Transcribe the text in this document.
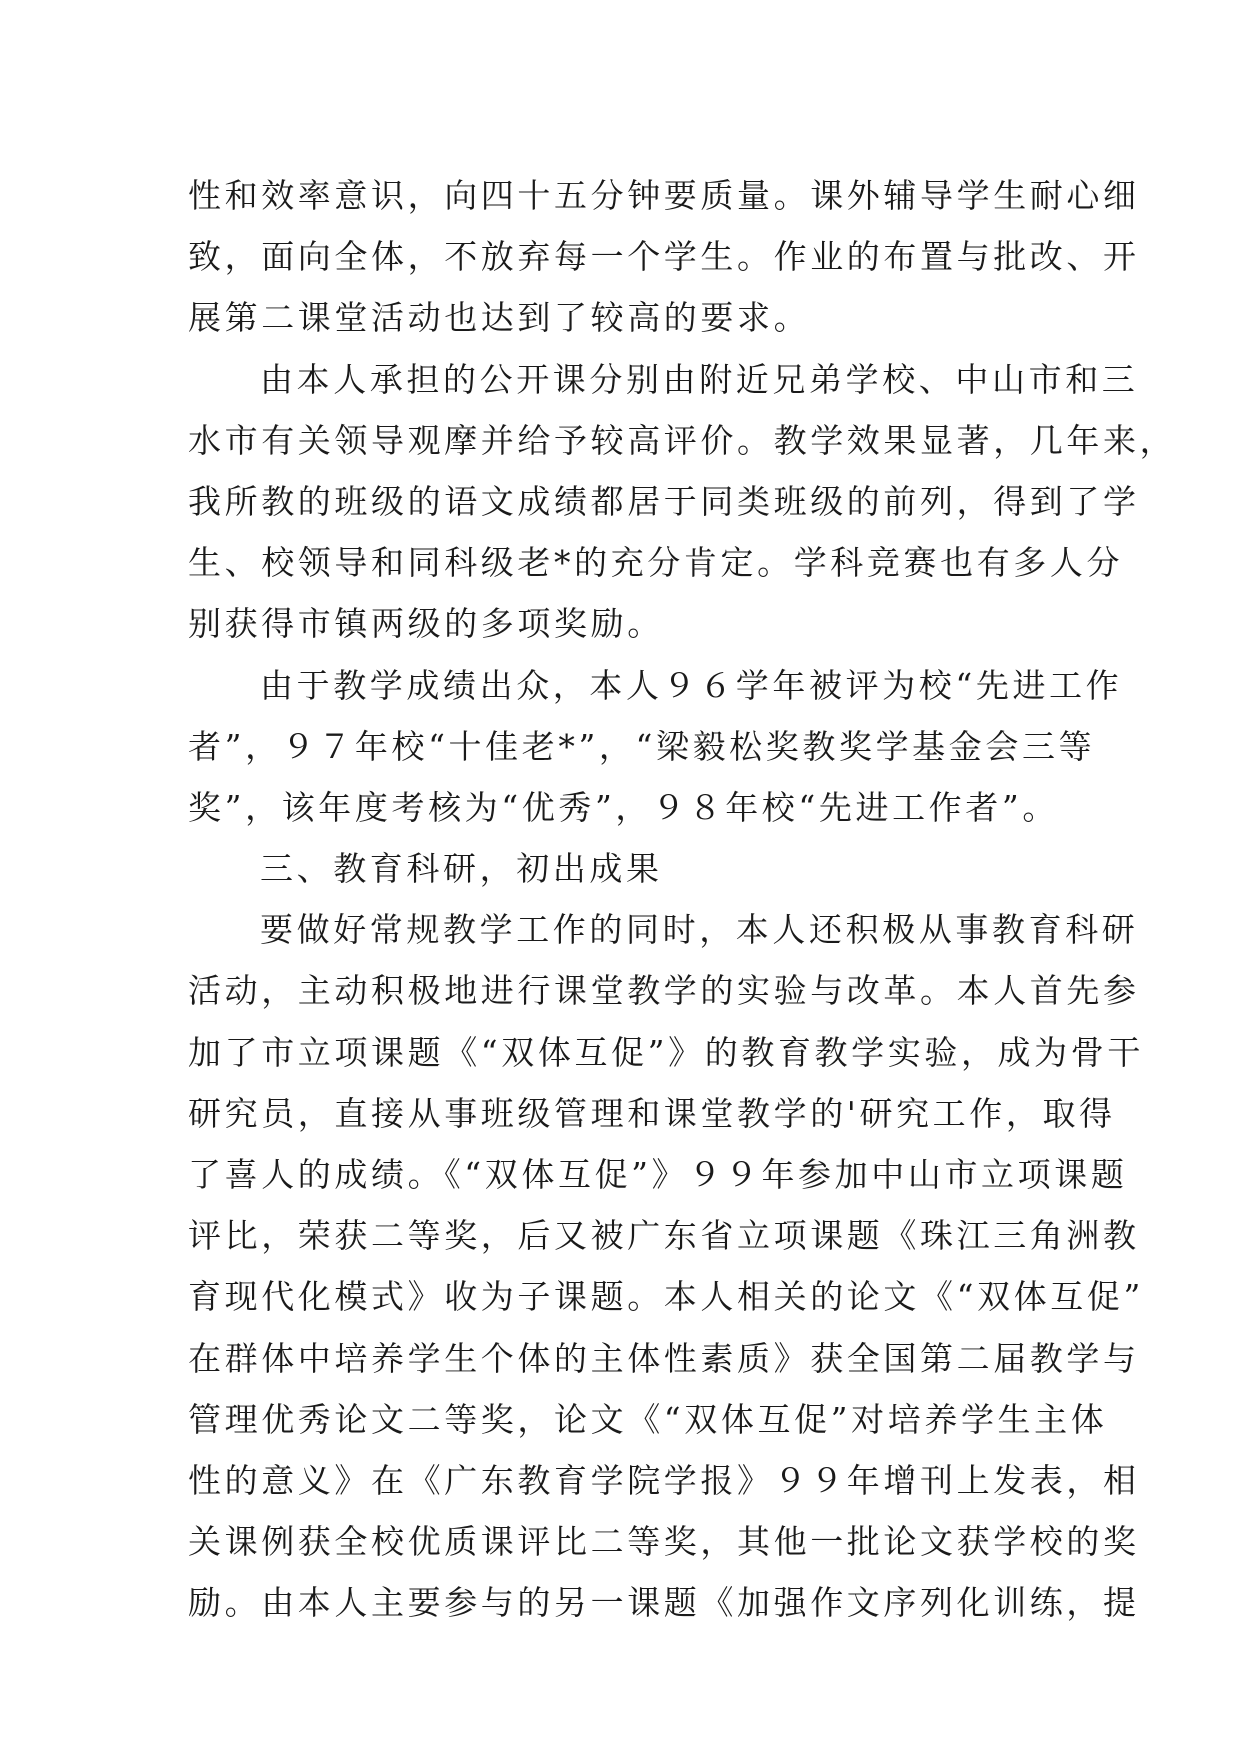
性和效率意识，向四十五分钟要质量。课外辅导学生耐心细
致，面向全体，不放弃每一个学生。作业的布置与批改、开
展第二课堂活动也达到了较高的要求。
由本人承担的公开课分别由附近兄弟学校、中山市和三
水市有关领导观摩并给予较高评价。教学效果显著，几年来，
我所教的班级的语文成绩都居于同类班级的前列，得到了学
生、校领导和同科级老*的充分肯定。学科竞赛也有多人分
别获得市镇两级的多项奖励。
由于教学成绩出众，本人９６学年被评为校“先进工作
者”，９７年校“十佳老*”，“梁毅松奖教奖学基金会三等
奖”，该年度考核为“优秀”，９８年校“先进工作者”。
三、教育科研，初出成果
要做好常规教学工作的同时，本人还积极从事教育科研
活动，主动积极地进行课堂教学的实验与改革。本人首先参
加了市立项课题《“双体互促”》的教育教学实验，成为骨干
研究员，直接从事班级管理和课堂教学的'研究工作，取得
了喜人的成绩。《“双体互促”》９９年参加中山市立项课题
评比，荣获二等奖，后又被广东省立项课题《珠江三角洲教
育现代化模式》收为子课题。本人相关的论文《“双体互促”
在群体中培养学生个体的主体性素质》获全国第二届教学与
管理优秀论文二等奖，论文《“双体互促”对培养学生主体
性的意义》在《广东教育学院学报》９９年增刊上发表，相
关课例获全校优质课评比二等奖，其他一批论文获学校的奖
励。由本人主要参与的另一课题《加强作文序列化训练，提
